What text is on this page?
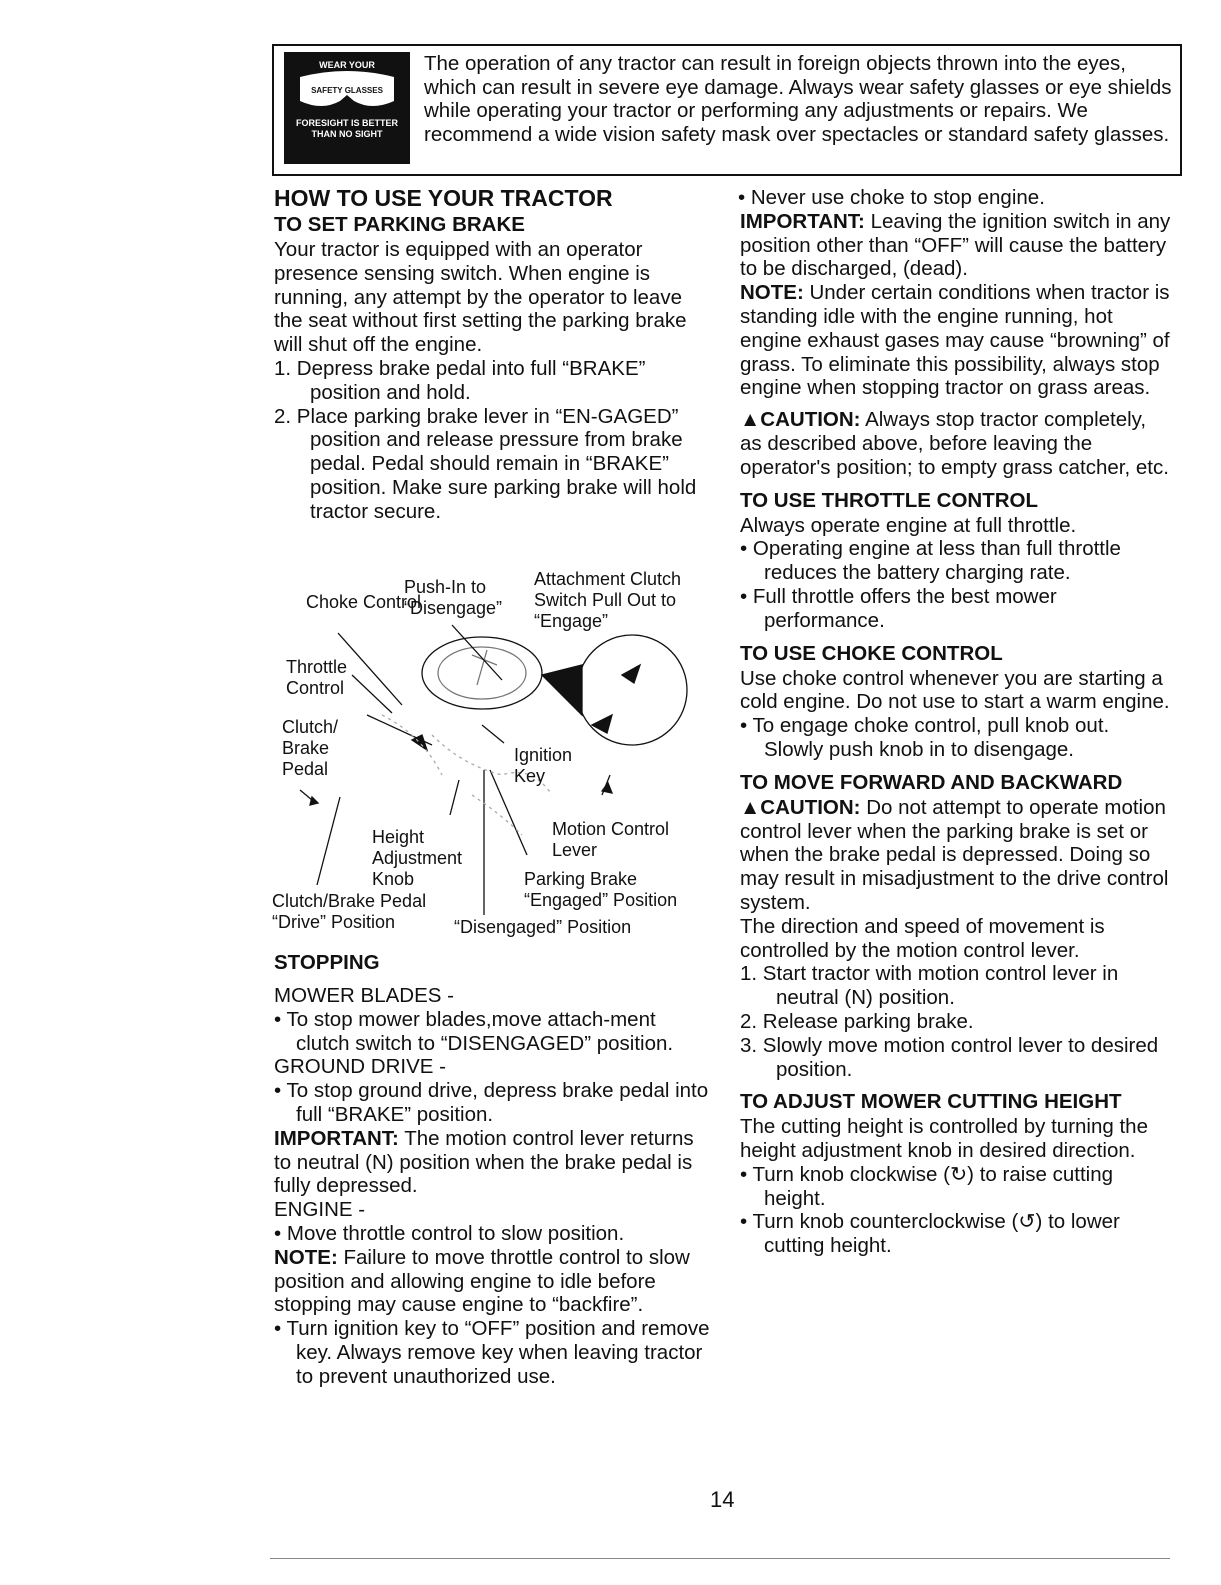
WEAR YOUR
SAFETY GLASSES
FORESIGHT IS BETTER
THAN NO SIGHT
The operation of any tractor can result in foreign objects thrown into the eyes, which can result in severe eye damage. Always wear safety glasses or eye shields while operating your tractor or performing any adjustments or repairs. We recommend a wide vision safety mask over spectacles or standard safety glasses.
HOW TO USE YOUR TRACTOR
TO SET PARKING BRAKE

Your tractor is equipped with an operator presence sensing switch. When engine is running, any attempt by the operator to leave the seat without first setting the parking brake will shut off the engine.

1. Depress brake pedal into full “BRAKE” position and hold.

2. Place parking brake lever in “EN-GAGED” position and release pressure from brake pedal. Pedal should remain in “BRAKE” position. Make sure parking brake will hold tractor secure.

Choke Control
Push-In to “Disengage”
Attachment Clutch Switch Pull Out to “Engage”
Throttle Control
Clutch/ Brake Pedal
Ignition Key
Height Adjustment Knob
Motion Control Lever
Parking Brake “Engaged” Position
Clutch/Brake Pedal “Drive” Position	“Disengaged” Position
STOPPING

MOWER BLADES -

• To stop mower blades,move attach-ment clutch switch to “DISENGAGED” position.

GROUND DRIVE -

• To stop ground drive, depress brake pedal into full “BRAKE” position.

IMPORTANT: The motion control lever returns to neutral (N) position when the brake pedal is fully depressed.

ENGINE -

• Move throttle control to slow position.

NOTE: Failure to move throttle control to slow position and allowing engine to idle before stopping may cause engine to “backfire”.

• Turn ignition key to “OFF” position and remove key. Always remove key when leaving tractor to prevent unauthorized use.

• Never use choke to stop engine.

IMPORTANT: Leaving the ignition switch in any position other than “OFF” will cause the battery to be discharged, (dead).

NOTE: Under certain conditions when tractor is standing idle with the engine running, hot engine exhaust gases may cause “browning” of grass. To eliminate this possibility, always stop engine when stopping tractor on grass areas.

▲CAUTION: Always stop tractor completely, as described above, before leaving the operator's position; to empty grass catcher, etc.

TO USE THROTTLE CONTROL

Always operate engine at full throttle.

• Operating engine at less than full throttle reduces the battery charging rate.

• Full throttle offers the best mower performance.

TO USE CHOKE CONTROL

Use choke control whenever you are starting a cold engine. Do not use to start a warm engine.

• To engage choke control, pull knob out. Slowly push knob in to disengage.

TO MOVE FORWARD AND BACKWARD

▲CAUTION: Do not attempt to operate motion control lever when the parking brake is set or when the brake pedal is depressed. Doing so may result in misadjustment to the drive control system.

The direction and speed of movement is controlled by the motion control lever.

1. Start tractor with motion control lever in neutral (N) position.

2. Release parking brake.

3. Slowly move motion control lever to desired position.

TO ADJUST MOWER CUTTING HEIGHT

The cutting height is controlled by turning the height adjustment knob in desired direction.

• Turn knob clockwise (↻) to raise cutting height.

• Turn knob counterclockwise (↺) to lower cutting height.

14
